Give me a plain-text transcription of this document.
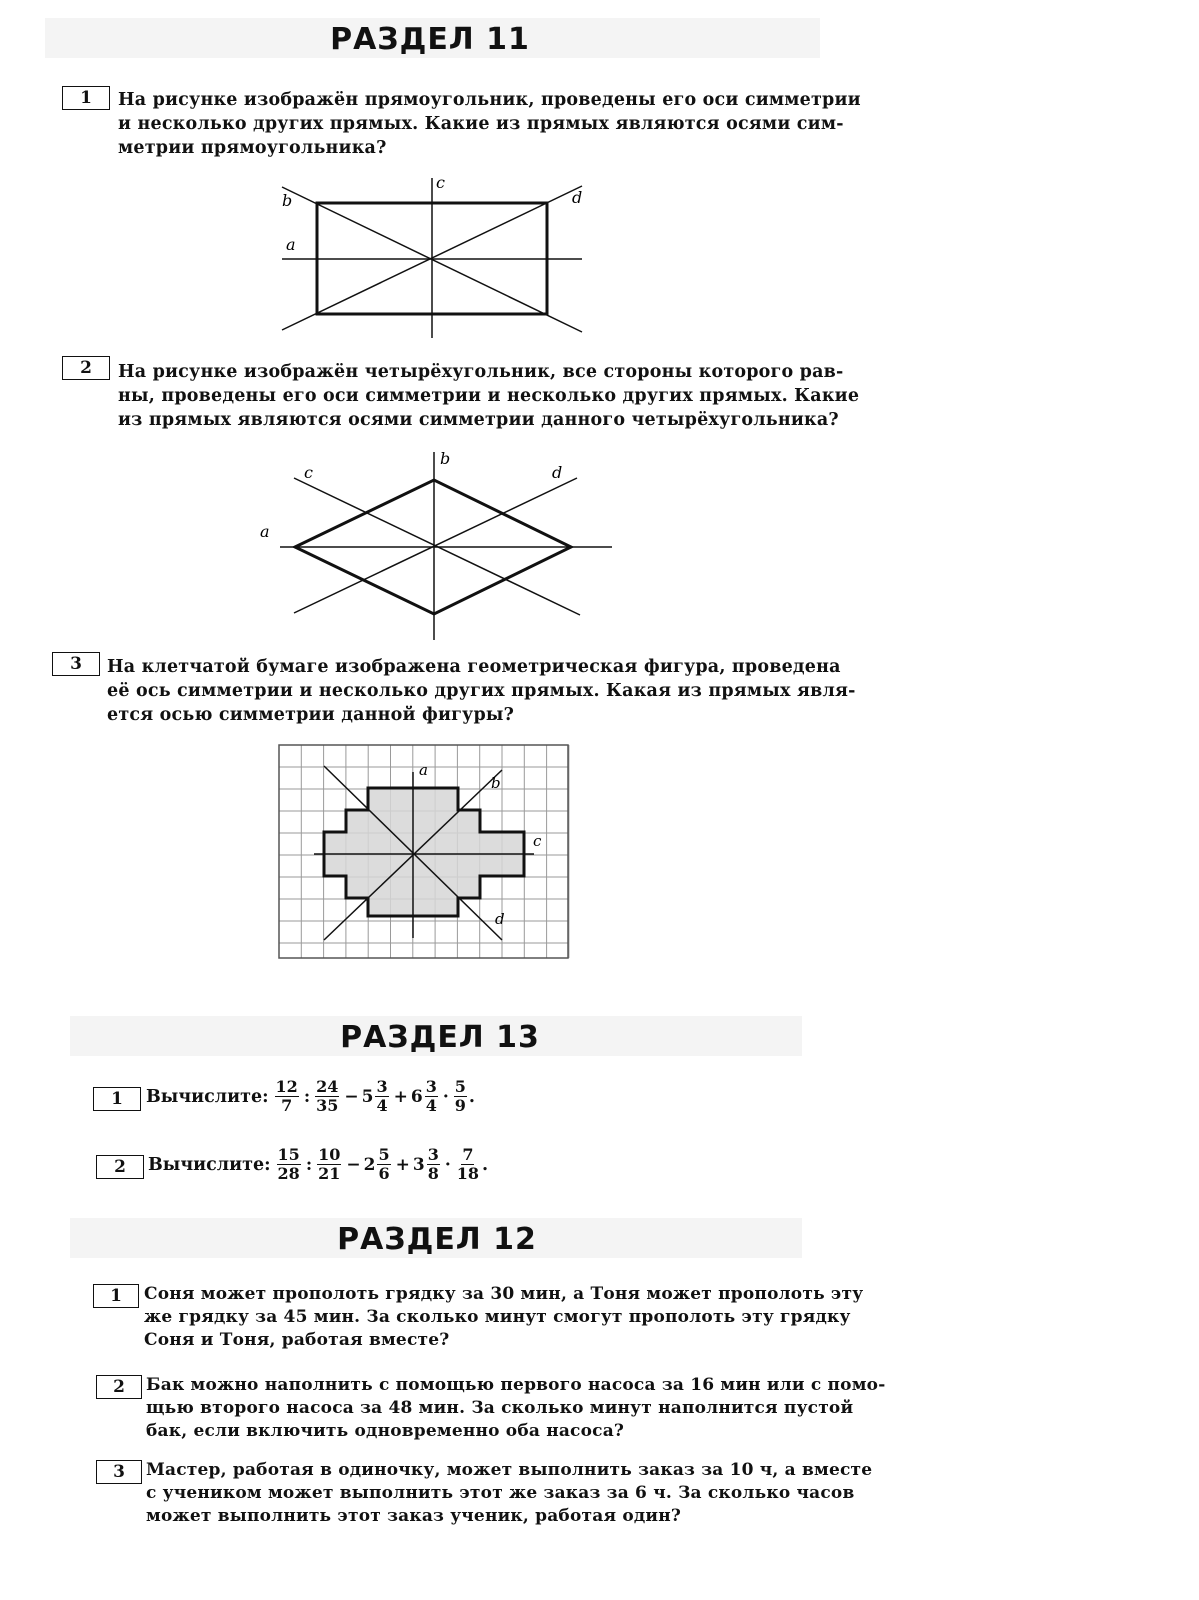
РАЗДЕЛ 11
1	На рисунке изображён прямоугольник, проведены его оси симметрии
и несколько других прямых. Какие из прямых являются осями сим-
метрии прямоугольника?
a
b
c
d
2	На рисунке изображён четырёхугольник, все стороны которого рав-
ны, проведены его оси симметрии и несколько других прямых. Какие
из прямых являются осями симметрии данного четырёхугольника?
a
b
c	d
3	На клетчатой бумаге изображена геометрическая фигура, проведена
её ось симметрии и несколько других прямых. Какая из прямых явля-
ется осью симметрии данной фигуры?
a
b
c
d
РАЗДЕЛ 13
1	Вычислите: $\frac{12}{7}$ : $\frac{24}{35} - 5 \frac{3}{4} + 6 \frac{3}{4} \cdot \frac{5}{9}$ .
2	Вычислите: $\frac{15}{28}$ : $\frac{10}{21} - 2 \frac{5}{6} + 3 \frac{3}{8} \cdot \frac{7}{18}$ .
РАЗДЕЛ 12
1	Соня может прополоть грядку за 30 мин, а Тоня может прополоть эту
же грядку за 45 мин. За сколько минут смогут прополоть эту грядку
Соня и Тоня, работая вместе?
2	Бак можно наполнить с помощью первого насоса за 16 мин или с помо-
щью второго насоса за 48 мин. За сколько минут наполнится пустой
бак, если включить одновременно оба насоса?
3	Мастер, работая в одиночку, может выполнить заказ за 10 ч, а вместе
с учеником может выполнить этот же заказ за 6 ч. За сколько часов
может выполнить этот заказ ученик, работая один?
